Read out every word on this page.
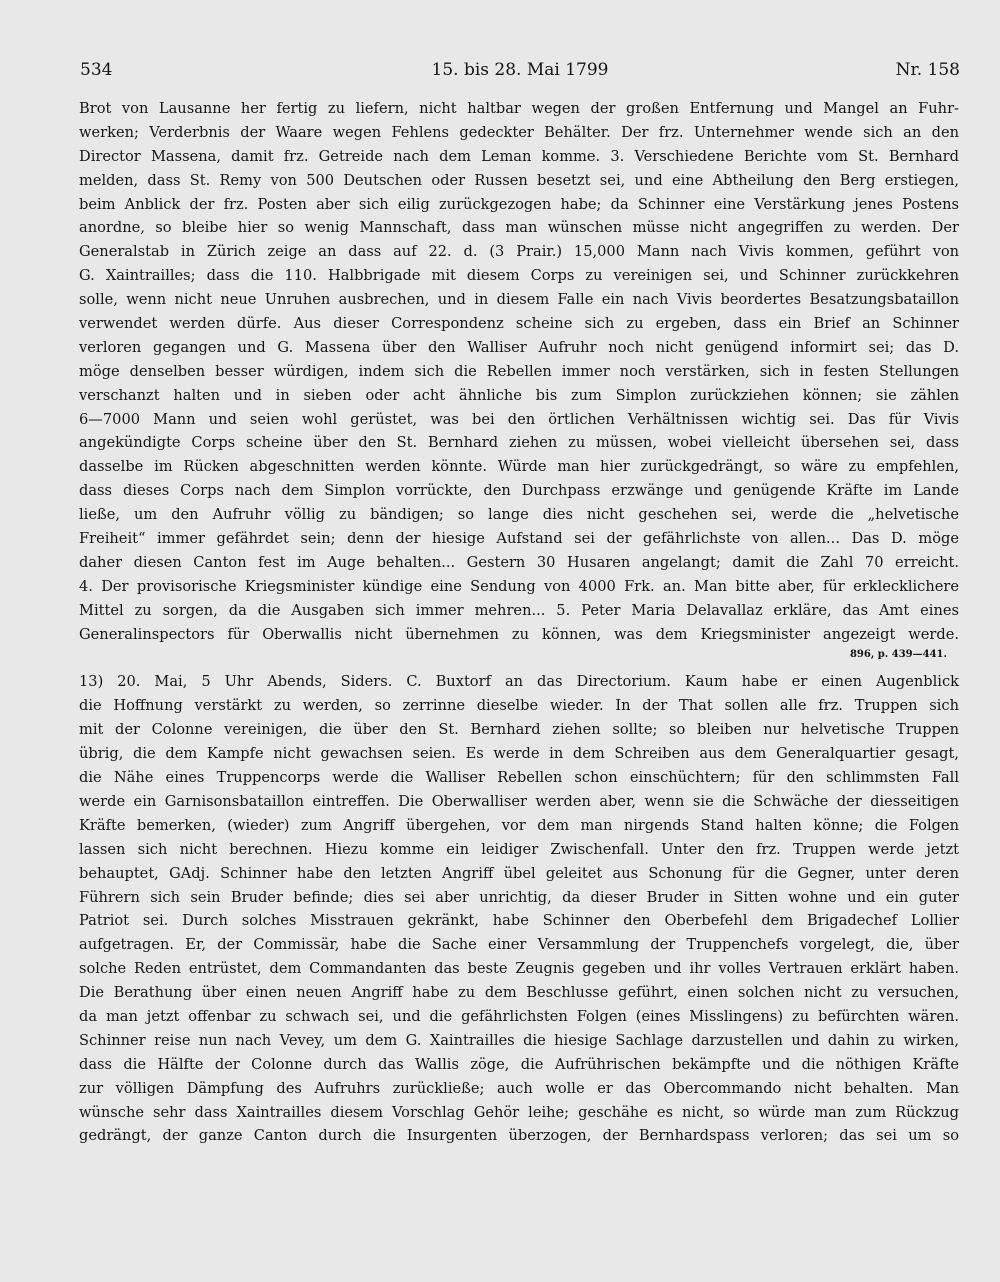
534	15. bis 28. Mai 1799	Nr. 158
Brot von Lausanne her fertig zu liefern, nicht haltbar wegen der großen Entfernung und Mangel an Fuhr-
werken; Verderbnis der Waare wegen Fehlens gedeckter Behälter. Der frz. Unternehmer wende sich an den
Director Massena, damit frz. Getreide nach dem Leman komme. 3. Verschiedene Berichte vom St. Bernhard
melden, dass St. Remy von 500 Deutschen oder Russen besetzt sei, und eine Abtheilung den Berg erstiegen,
beim Anblick der frz. Posten aber sich eilig zurückgezogen habe; da Schinner eine Verstärkung jenes Postens
anordne, so bleibe hier so wenig Mannschaft, dass man wünschen müsse nicht angegriffen zu werden. Der
Generalstab in Zürich zeige an dass auf 22. d. (3 Prair.) 15,000 Mann nach Vivis kommen, geführt von
G. Xaintrailles; dass die 110. Halbbrigade mit diesem Corps zu vereinigen sei, und Schinner zurückkehren
solle, wenn nicht neue Unruhen ausbrechen, und in diesem Falle ein nach Vivis beordertes Besatzungsbataillon
verwendet werden dürfe. Aus dieser Correspondenz scheine sich zu ergeben, dass ein Brief an Schinner
verloren gegangen und G. Massena über den Walliser Aufruhr noch nicht genügend informirt sei; das D.
möge denselben besser würdigen, indem sich die Rebellen immer noch verstärken, sich in festen Stellungen
verschanzt halten und in sieben oder acht ähnliche bis zum Simplon zurückziehen können; sie zählen
6—7000 Mann und seien wohl gerüstet, was bei den örtlichen Verhältnissen wichtig sei. Das für Vivis
angekündigte Corps scheine über den St. Bernhard ziehen zu müssen, wobei vielleicht übersehen sei, dass
dasselbe im Rücken abgeschnitten werden könnte. Würde man hier zurückgedrängt, so wäre zu empfehlen,
dass dieses Corps nach dem Simplon vorrückte, den Durchpass erzwänge und genügende Kräfte im Lande
ließe, um den Aufruhr völlig zu bändigen; so lange dies nicht geschehen sei, werde die „helvetische
Freiheit“ immer gefährdet sein; denn der hiesige Aufstand sei der gefährlichste von allen... Das D. möge
daher diesen Canton fest im Auge behalten... Gestern 30 Husaren angelangt; damit die Zahl 70 erreicht.
4. Der provisorische Kriegsminister kündige eine Sendung von 4000 Frk. an. Man bitte aber, für erklecklichere
Mittel zu sorgen, da die Ausgaben sich immer mehren... 5. Peter Maria Delavallaz erkläre, das Amt eines
Generalinspectors für Oberwallis nicht übernehmen zu können, was dem Kriegsminister angezeigt werde.
896, p. 439—441.
13) 20. Mai, 5 Uhr Abends, Siders. C. Buxtorf an das Directorium. Kaum habe er einen Augenblick
die Hoffnung verstärkt zu werden, so zerrinne dieselbe wieder. In der That sollen alle frz. Truppen sich
mit der Colonne vereinigen, die über den St. Bernhard ziehen sollte; so bleiben nur helvetische Truppen
übrig, die dem Kampfe nicht gewachsen seien. Es werde in dem Schreiben aus dem Generalquartier gesagt,
die Nähe eines Truppencorps werde die Walliser Rebellen schon einschüchtern; für den schlimmsten Fall
werde ein Garnisonsbataillon eintreffen. Die Oberwalliser werden aber, wenn sie die Schwäche der diesseitigen
Kräfte bemerken, (wieder) zum Angriff übergehen, vor dem man nirgends Stand halten könne; die Folgen
lassen sich nicht berechnen. Hiezu komme ein leidiger Zwischenfall. Unter den frz. Truppen werde jetzt
behauptet, GAdj. Schinner habe den letzten Angriff übel geleitet aus Schonung für die Gegner, unter deren
Führern sich sein Bruder befinde; dies sei aber unrichtig, da dieser Bruder in Sitten wohne und ein guter
Patriot sei. Durch solches Misstrauen gekränkt, habe Schinner den Oberbefehl dem Brigadechef Lollier
aufgetragen. Er, der Commissär, habe die Sache einer Versammlung der Truppenchefs vorgelegt, die, über
solche Reden entrüstet, dem Commandanten das beste Zeugnis gegeben und ihr volles Vertrauen erklärt haben.
Die Berathung über einen neuen Angriff habe zu dem Beschlusse geführt, einen solchen nicht zu versuchen,
da man jetzt offenbar zu schwach sei, und die gefährlichsten Folgen (eines Misslingens) zu befürchten wären.
Schinner reise nun nach Vevey, um dem G. Xaintrailles die hiesige Sachlage darzustellen und dahin zu wirken,
dass die Hälfte der Colonne durch das Wallis zöge, die Aufrührischen bekämpfte und die nöthigen Kräfte
zur völligen Dämpfung des Aufruhrs zurückließe; auch wolle er das Obercommando nicht behalten. Man
wünsche sehr dass Xaintrailles diesem Vorschlag Gehör leihe; geschähe es nicht, so würde man zum Rückzug
gedrängt, der ganze Canton durch die Insurgenten überzogen, der Bernhardspass verloren; das sei um so
